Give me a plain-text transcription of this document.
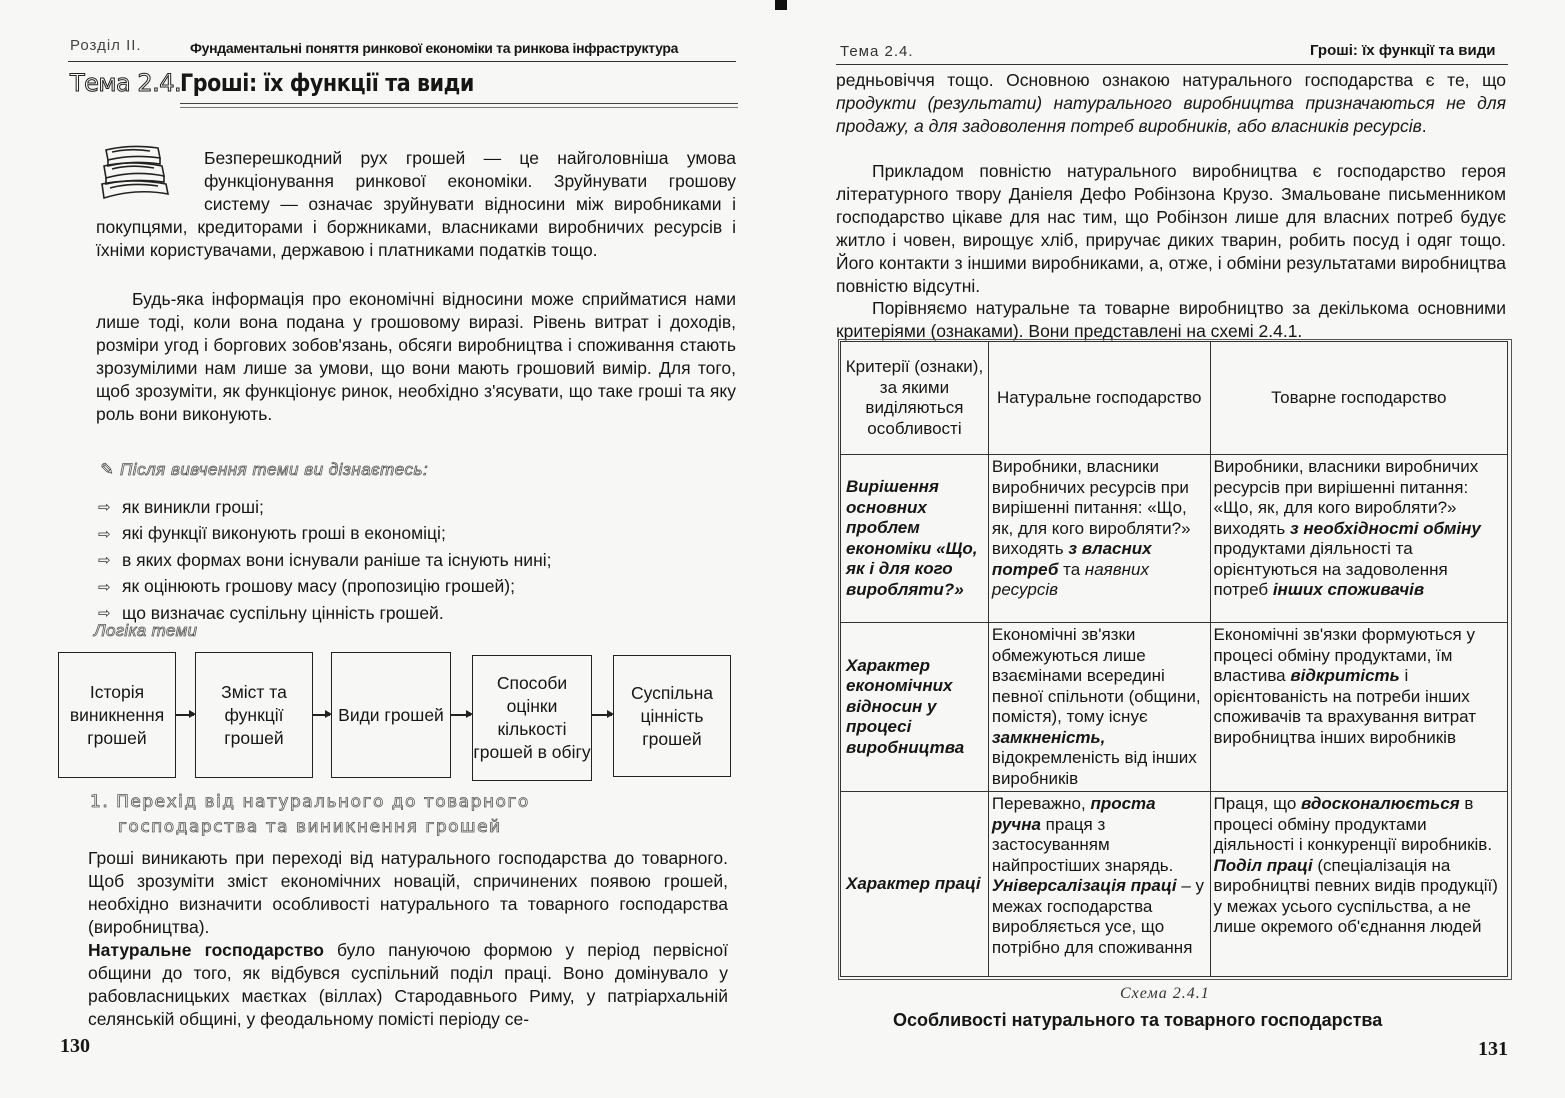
Розділ II.	Фундаментальні поняття ринкової економіки та ринкова інфраструктура
Тема 2.4.
Гроші: їх функції та види
Безперешкодний рух грошей — це найголовніша умова функціонування ринкової економіки. Зруйнувати грошову систему — означає зруйнувати відносини між виробниками і покупцями, кредиторами і боржниками, власниками виробничих ресурсів і їхніми користувачами, державою і платниками податків тощо.
Будь-яка інформація про економічні відносини може сприйматися нами лише тоді, коли вона подана у грошовому виразі. Рівень витрат і доходів, розміри угод і боргових зобов'язань, обсяги виробництва і споживання стають зрозумілими нам лише за умови, що вони мають грошовий вимір. Для того, щоб зрозуміти, як функціонує ринок, необхідно з'ясувати, що таке гроші та яку роль вони виконують.
✎ Після вивчення теми ви дізнаєтесь:
⇨ як виникли гроші;
⇨ які функції виконують гроші в економіці;
⇨ в яких формах вони існували раніше та існують нині;
⇨ як оцінюють грошову масу (пропозицію грошей);
⇨ що визначає суспільну цінність грошей.
Логіка теми
Історія виникнення грошей
Зміст та функції грошей
Види грошей
Способи оцінки кількості грошей в обігу
Суспільна цінність грошей
1. Перехід від натурального до товарного
господарства та виникнення грошей
Гроші виникають при переході від натурального господарства до товарного. Щоб зрозуміти зміст економічних новацій, спричинених появою грошей, необхідно визначити особливості натурального та товарного господарства (виробництва).
Натуральне господарство було пануючою формою у період первісної общини до того, як відбувся суспільний поділ праці. Воно домінувало у рабовласницьких маєтках (віллах) Стародавнього Риму, у патріархальній селянській общині, у феодальному помісті періоду се-
130
Тема 2.4.	Гроші: їх функції та види
редньовіччя тощо. Основною ознакою натурального господарства є те, що продукти (результати) натурального виробництва призначаються не для продажу, а для задоволення потреб виробників, або власників ресурсів.
Прикладом повністю натурального виробництва є господарство героя літературного твору Даніеля Дефо Робінзона Крузо. Змальоване письменником господарство цікаве для нас тим, що Робінзон лише для власних потреб будує житло і човен, вирощує хліб, приручає диких тварин, робить посуд і одяг тощо. Його контакти з іншими виробниками, а, отже, і обміни результатами виробництва повністю відсутні.
Порівняємо натуральне та товарне виробництво за декількома основними критеріями (ознаками). Вони представлені на схемі 2.4.1.
Критерії (ознаки), за якими виділяються особливості	Натуральне господарство	Товарне господарство
Вирішення основних проблем економіки «Що, як і для кого виробляти?»	Виробники, власники виробничих ресурсів при вирішенні питання: «Що, як, для кого виробляти?» виходять з власних потреб та наявних ресурсів	Виробники, власники виробничих ресурсів при вирішенні питання: «Що, як, для кого виробляти?» виходять з необхідності обміну продуктами діяльності та орієнтуються на задоволення потреб інших споживачів
Характер економічних відносин у процесі виробництва	Економічні зв'язки обмежуються лише взаємінами всередині певної спільноти (общини, помістя), тому існує замкненість, відокремленість від інших виробників	Економічні зв'язки формуються у процесі обміну продуктами, їм властива відкритість і орієнтованість на потреби інших споживачів та врахування витрат виробництва інших виробників
Характер праці	Переважно, проста ручна праця з застосуванням найпростіших знарядь. Універсалізація праці – у межах господарства виробляється усе, що потрібно для споживання	Праця, що вдосконалюється в процесі обміну продуктами діяльності і конкуренції виробників. Поділ праці (спеціалізація на виробництві певних видів продукції) у межах усього суспільства, а не лише окремого об'єднання людей
Схема 2.4.1
Особливості натурального та товарного господарства
131
